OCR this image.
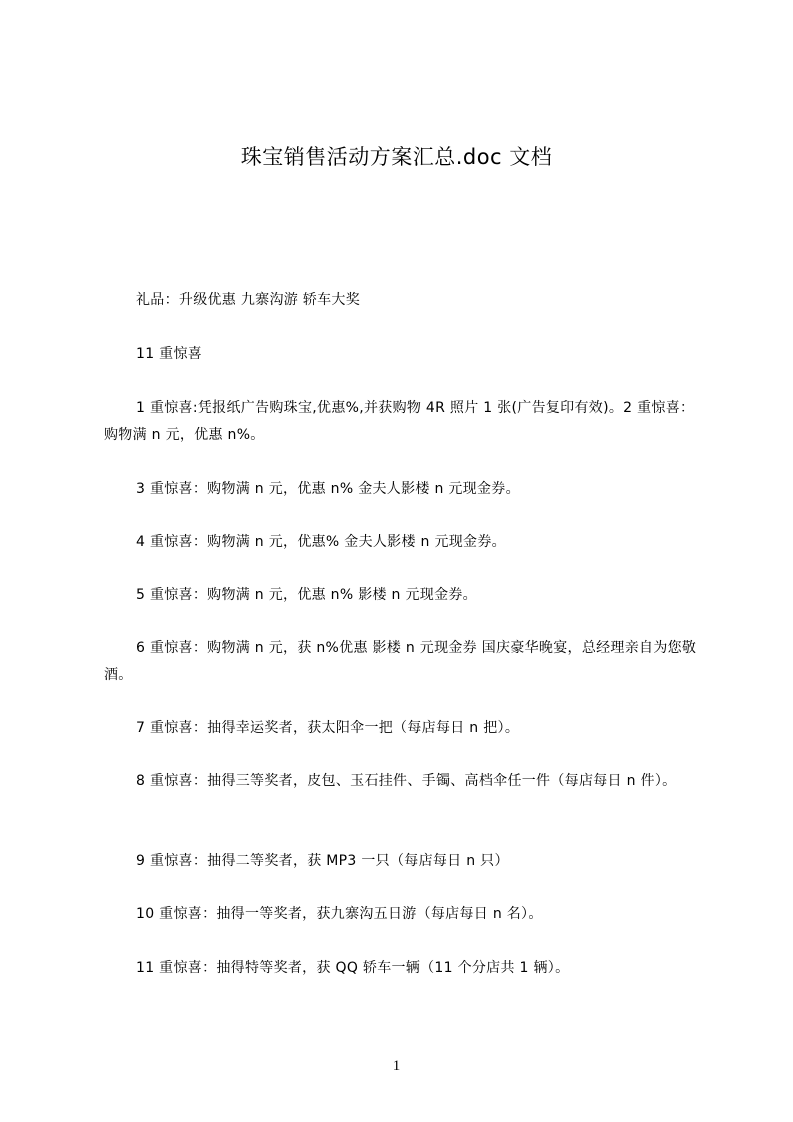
珠宝销售活动方案汇总.doc 文档
礼品：升级优惠 九寨沟游 轿车大奖
11 重惊喜
1 重惊喜:凭报纸广告购珠宝,优惠%,并获购物 4R 照片 1 张(广告复印有效)。2 重惊喜：购物满 n 元，优惠 n%。
3 重惊喜：购物满 n 元，优惠 n% 金夫人影楼 n 元现金券。
4 重惊喜：购物满 n 元，优惠% 金夫人影楼 n 元现金券。
5 重惊喜：购物满 n 元，优惠 n% 影楼 n 元现金券。
6 重惊喜：购物满 n 元，获 n%优惠 影楼 n 元现金券 国庆豪华晚宴，总经理亲自为您敬酒。
7 重惊喜：抽得幸运奖者，获太阳伞一把（每店每日 n 把）。
8 重惊喜：抽得三等奖者，皮包、玉石挂件、手镯、高档伞任一件（每店每日 n 件）。
9 重惊喜：抽得二等奖者，获 MP3 一只（每店每日 n 只）
10 重惊喜：抽得一等奖者，获九寨沟五日游（每店每日 n 名）。
11 重惊喜：抽得特等奖者，获 QQ 轿车一辆（11 个分店共 1 辆）。
1
